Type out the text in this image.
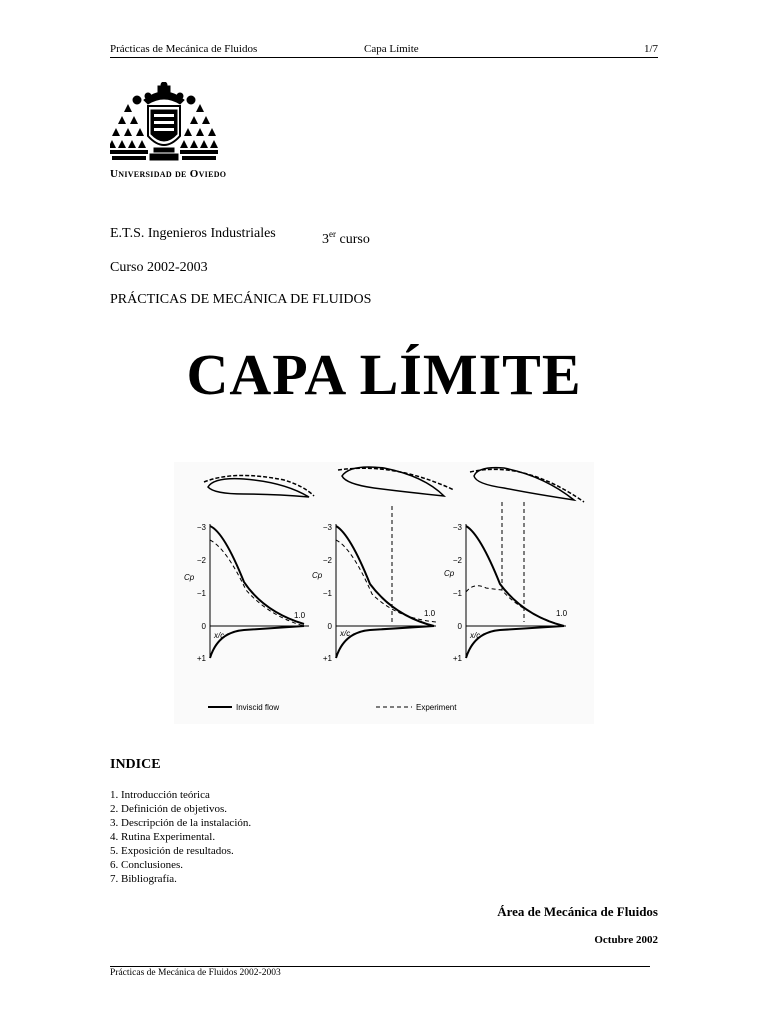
Prácticas de Mecánica de Fluidos	Capa Límite	1/7
Universidad de Oviedo
E.T.S. Ingenieros Industriales	3er curso
Curso 2002-2003
PRÁCTICAS DE MECÁNICA DE FLUIDOS
CAPA LÍMITE
−3
−2
−1
0
+1
Cp
x/c
1.0
−3
−2
−1
0
+1
Cp
x/c
1.0
−3
−2
−1
0
+1
Cp
x/c
1.0
Inviscid flow	Experiment
INDICE
1. Introducción teórica
2. Definición de objetivos.
3. Descripción de la instalación.
4. Rutina Experimental.
5. Exposición de resultados.
6. Conclusiones.
7. Bibliografía.
Área de Mecánica de Fluidos
Octubre 2002
Prácticas de Mecánica de Fluidos 2002-2003
